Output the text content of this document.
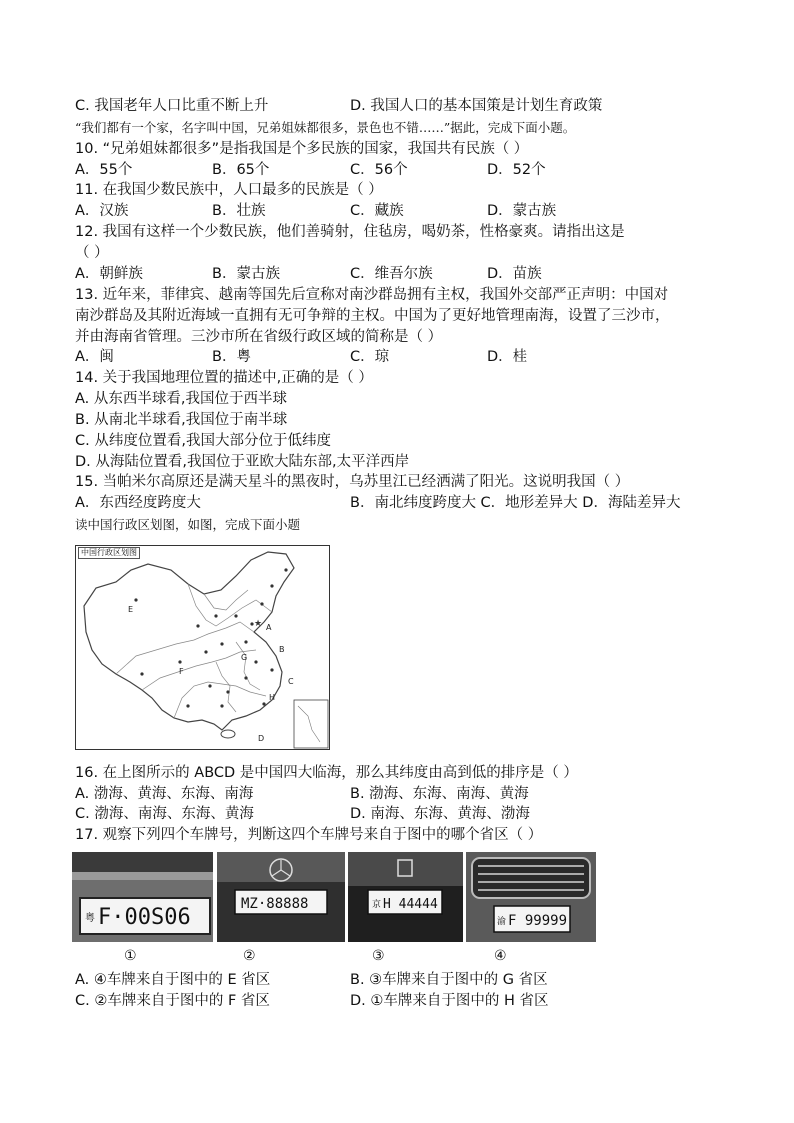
C. 我国老年人口比重不断上升	D. 我国人口的基本国策是计划生育政策
“我们都有一个家，名字叫中国，兄弟姐妹都很多，景色也不错……”据此，完成下面小题。
10. “兄弟姐妹都很多”是指我国是个多民族的国家，我国共有民族（ ）
A．55个	B．65个	C．56个	D．52个
11. 在我国少数民族中，人口最多的民族是（ ）
A．汉族	B．壮族	C．藏族	D．蒙古族
12. 我国有这样一个少数民族，他们善骑射，住毡房，喝奶茶，性格豪爽。请指出这是
（ ）
A．朝鲜族	B．蒙古族	C．维吾尔族	D．苗族
13. 近年来，菲律宾、越南等国先后宣称对南沙群岛拥有主权，我国外交部严正声明：中国对
南沙群岛及其附近海域一直拥有无可争辩的主权。中国为了更好地管理南海，设置了三沙市，
并由海南省管理。三沙市所在省级行政区域的简称是（ ）
A．闽	B．粤	C．琼	D．桂
14. 关于我国地理位置的描述中,正确的是（ ）
A. 从东西半球看,我国位于西半球
B. 从南北半球看,我国位于南半球
C. 从纬度位置看,我国大部分位于低纬度
D. 从海陆位置看,我国位于亚欧大陆东部,太平洋西岸
15. 当帕米尔高原还是满天星斗的黑夜时，乌苏里江已经洒满了阳光。这说明我国（ ）
A．东西经度跨度大	B．南北纬度跨度大 C．地形差异大 D．海陆差异大
读中国行政区划图，如图，完成下面小题
中国行政区划图
★
E
A
B
C
D
F
G
H
16. 在上图所示的 ABCD 是中国四大临海，那么其纬度由高到低的排序是（ ）
A. 渤海、黄海、东海、南海	B. 渤海、东海、南海、黄海
C. 渤海、南海、东海、黄海	D. 南海、东海、黄海、渤海
17. 观察下列四个车牌号，判断这四个车牌号来自于图中的哪个省区（ ）
粤 F·00S06
MZ·88888	京 H 44444
渝 F 99999
①	②	③	④
A. ④车牌来自于图中的 E 省区	B. ③车牌来自于图中的 G 省区
C. ②车牌来自于图中的 F 省区	D. ①车牌来自于图中的 H 省区
